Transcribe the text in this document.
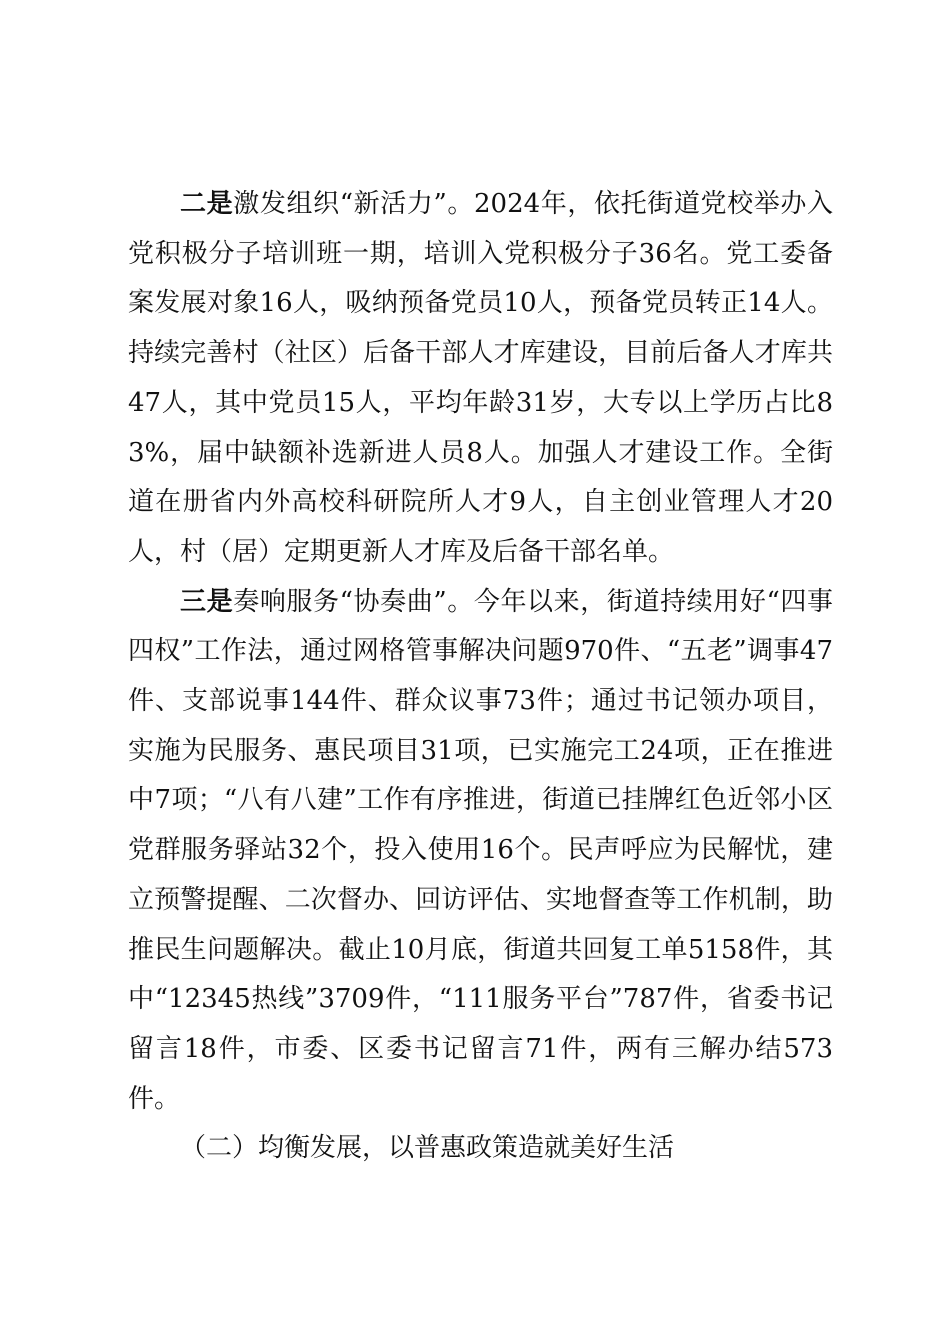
二是激发组织“新活力”。2024年，依托街道党校举办入党积极分子培训班一期，培训入党积极分子36名。党工委备案发展对象16人，吸纳预备党员10人，预备党员转正14人。持续完善村（社区）后备干部人才库建设，目前后备人才库共47人，其中党员15人，平均年龄31岁，大专以上学历占比83%，届中缺额补选新进人员8人。加强人才建设工作。全街道在册省内外高校科研院所人才9人，自主创业管理人才20人，村（居）定期更新人才库及后备干部名单。

三是奏响服务“协奏曲”。今年以来，街道持续用好“四事四权”工作法，通过网格管事解决问题970件、“五老”调事47件、支部说事144件、群众议事73件；通过书记领办项目，实施为民服务、惠民项目31项，已实施完工24项，正在推进中7项；“八有八建”工作有序推进，街道已挂牌红色近邻小区党群服务驿站32个，投入使用16个。民声呼应为民解忧，建立预警提醒、二次督办、回访评估、实地督查等工作机制，助推民生问题解决。截止10月底，街道共回复工单5158件，其中“12345热线”3709件，“111服务平台”787件，省委书记留言18件，市委、区委书记留言71件，两有三解办结573件。

（二）均衡发展，以普惠政策造就美好生活
